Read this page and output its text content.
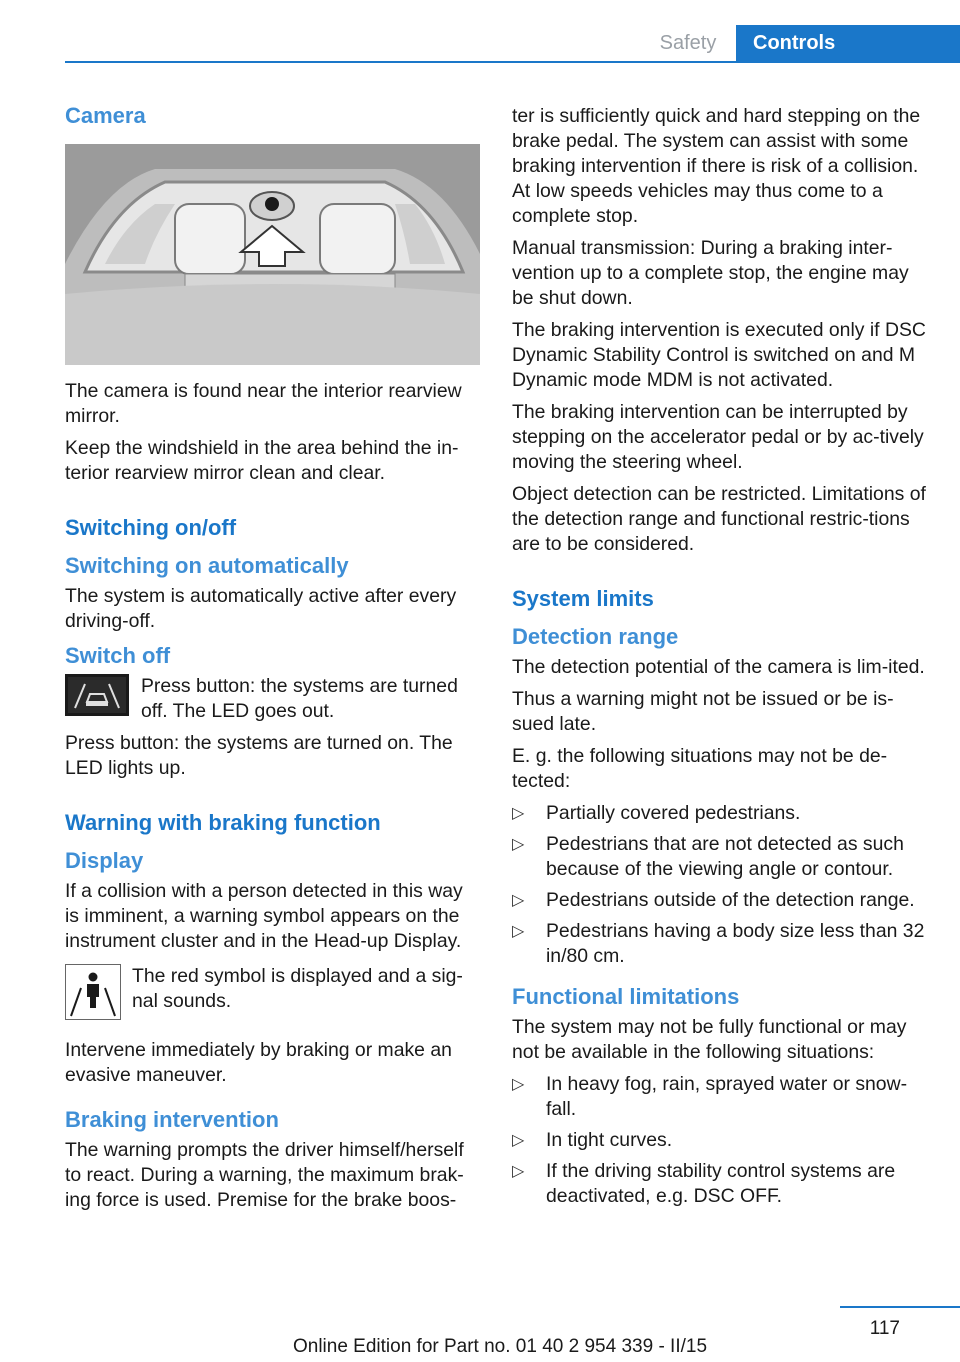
Safety	Controls
Camera

The camera is found near the interior rearview mirror.

Keep the windshield in the area behind the in-terior rearview mirror clean and clear.

Switching on/off
Switching on automatically

The system is automatically active after every driving-off.

Switch off
Press button: the systems are turned off. The LED goes out.

Press button: the systems are turned on. The LED lights up.

Warning with braking function
Display

If a collision with a person detected in this way is imminent, a warning symbol appears on the instrument cluster and in the Head-up Display.

The red symbol is displayed and a sig-nal sounds.

Intervene immediately by braking or make an evasive maneuver.

Braking intervention

The warning prompts the driver himself/herself to react. During a warning, the maximum brak-ing force is used. Premise for the brake boos-

ter is sufficiently quick and hard stepping on the brake pedal. The system can assist with some braking intervention if there is risk of a collision. At low speeds vehicles may thus come to a complete stop.

Manual transmission: During a braking inter-vention up to a complete stop, the engine may be shut down.

The braking intervention is executed only if DSC Dynamic Stability Control is switched on and M Dynamic mode MDM is not activated.

The braking intervention can be interrupted by stepping on the accelerator pedal or by ac-tively moving the steering wheel.

Object detection can be restricted. Limitations of the detection range and functional restric-tions are to be considered.

System limits
Detection range

The detection potential of the camera is lim-ited.

Thus a warning might not be issued or be is-sued late.

E. g. the following situations may not be de-tected:

▷ Partially covered pedestrians.
▷ Pedestrians that are not detected as such because of the viewing angle or contour.
▷ Pedestrians outside of the detection range.
▷ Pedestrians having a body size less than 32 in/80 cm.
Functional limitations

The system may not be fully functional or may not be available in the following situations:

▷ In heavy fog, rain, sprayed water or snow-fall.
▷ In tight curves.
▷ If the driving stability control systems are deactivated, e.g. DSC OFF.
117
Online Edition for Part no. 01 40 2 954 339 - II/15
